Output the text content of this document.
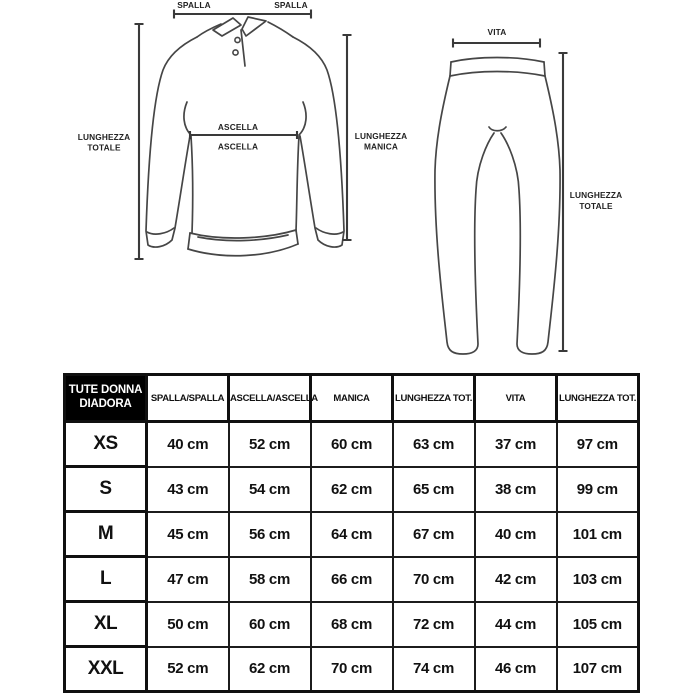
SPALLA	SPALLA
LUNGHEZZA
TOTALE
ASCELLA
ASCELLA
LUNGHEZZA
MANICA
VITA
LUNGHEZZA
TOTALE
TUTE DONNA
DIADORA	SPALLA/SPALLA	ASCELLA/ASCELLA	MANICA	LUNGHEZZA TOT.	VITA	LUNGHEZZA TOT.
XS	40 cm	52 cm	60 cm	63 cm	37 cm	97 cm
S	43 cm	54 cm	62 cm	65 cm	38 cm	99 cm
M	45 cm	56 cm	64 cm	67 cm	40 cm	101 cm
L	47 cm	58 cm	66 cm	70 cm	42 cm	103 cm
XL	50 cm	60 cm	68 cm	72 cm	44 cm	105 cm
XXL	52 cm	62 cm	70 cm	74 cm	46 cm	107 cm
